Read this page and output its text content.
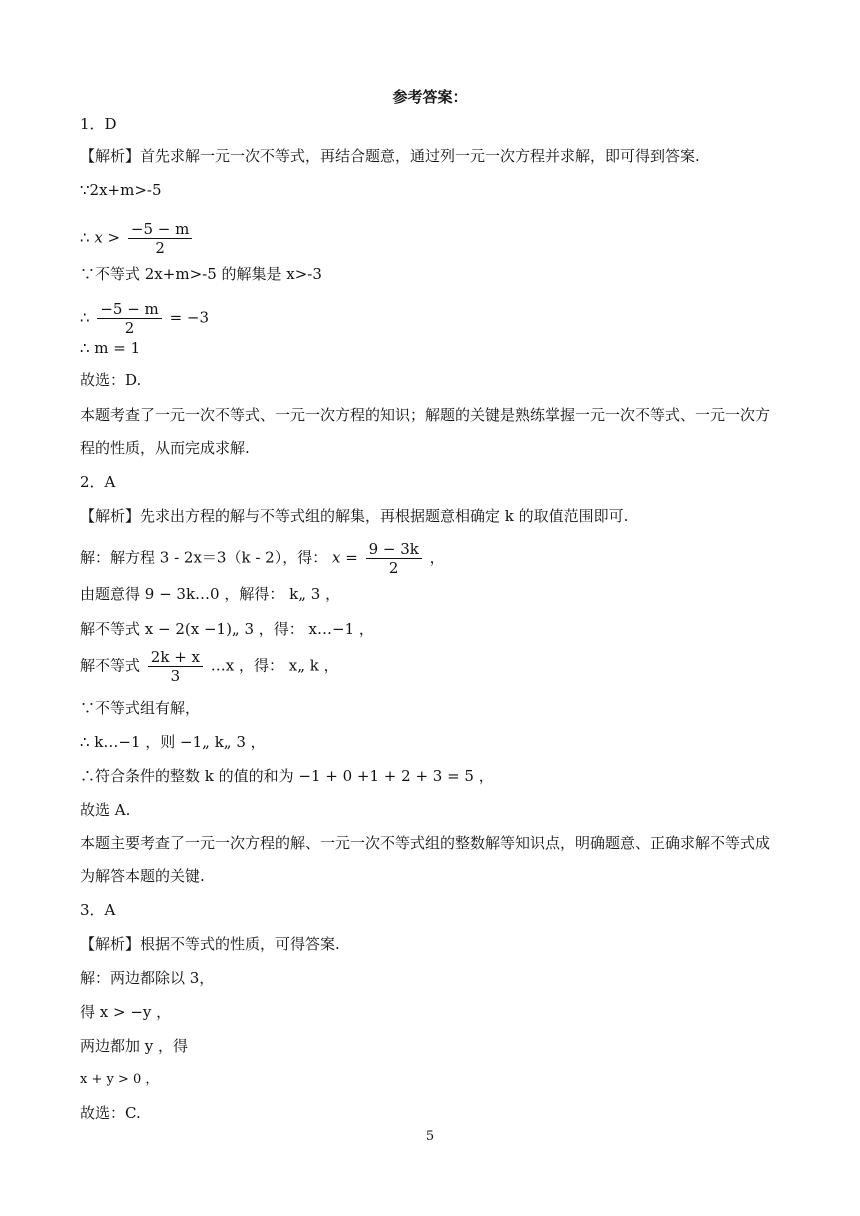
参考答案：
1．D
【解析】首先求解一元一次不等式，再结合题意，通过列一元一次方程并求解，即可得到答案.
∵2x+m>-5
∴ $x > \frac{-5 - m}{2}$
∵不等式 2x+m>-5 的解集是 x>-3
∴ $\frac{-5 - m}{2} = -3$
∴ m = 1
故选：D.
本题考查了一元一次不等式、一元一次方程的知识；解题的关键是熟练掌握一元一次不等式、一元一次方
程的性质，从而完成求解.
2．A
【解析】先求出方程的解与不等式组的解集，再根据题意相确定 k 的取值范围即可.
解：解方程 3 - 2x＝3（k - 2），得： $x = \frac{9 - 3k}{2}$ ，
由题意得 9 − 3k…0 ，解得： k„ 3 ，
解不等式 x − 2(x −1)„ 3 ，得： x…−1 ，
解不等式 $\frac{2k + x}{3}$ …x ，得： x„ k ，
∵不等式组有解，
∴ k…−1 ，则 −1„ k„ 3 ，
∴符合条件的整数 k 的值的和为 −1 + 0 +1 + 2 + 3 = 5 ，
故选 A.
本题主要考查了一元一次方程的解、一元一次不等式组的整数解等知识点，明确题意、正确求解不等式成
为解答本题的关键.
3．A
【解析】根据不等式的性质，可得答案.
解：两边都除以 3，
得 x > −y ，
两边都加 y ，得
x + y > 0 ，
故选：C.
5
